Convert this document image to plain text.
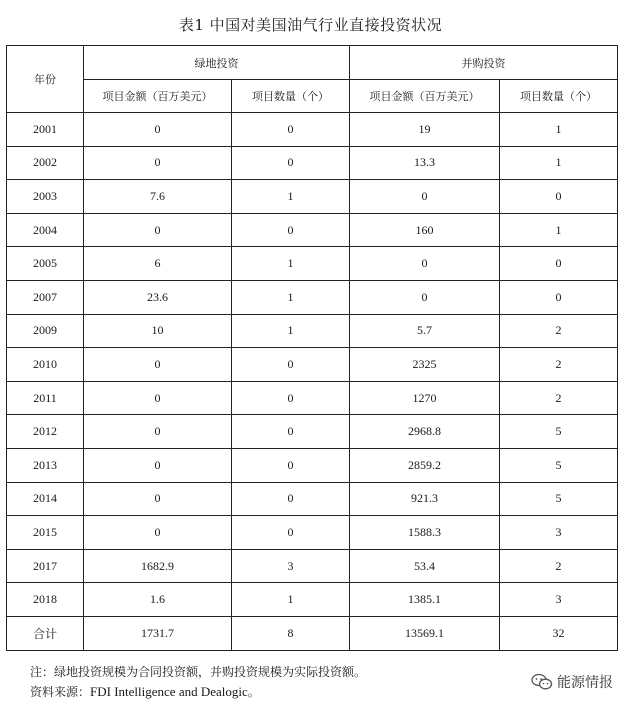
表1 中国对美国油气行业直接投资状况
年份	绿地投资		并购投资	
	项目金额（百万美元）	项目数量（个）	项目金额（百万美元）	项目数量（个）
2001	0	0	19	1
2002	0	0	13.3	1
2003	7.6	1	0	0
2004	0	0	160	1
2005	6	1	0	0
2007	23.6	1	0	0
2009	10	1	5.7	2
2010	0	0	2325	2
2011	0	0	1270	2
2012	0	0	2968.8	5
2013	0	0	2859.2	5
2014	0	0	921.3	5
2015	0	0	1588.3	3
2017	1682.9	3	53.4	2
2018	1.6	1	1385.1	3
合计	1731.7	8	13569.1	32
注：绿地投资规模为合同投资额，并购投资规模为实际投资额。
资料来源：FDI Intelligence and Dealogic。
能源情报
